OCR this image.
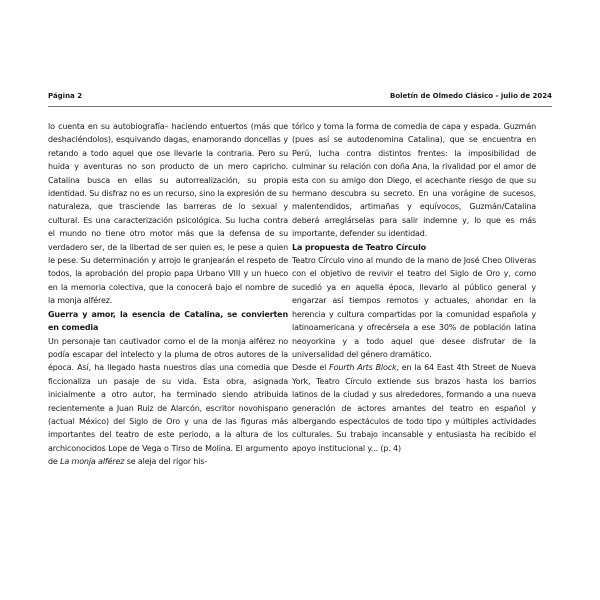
Página 2	Boletín de Olmedo Clásico - julio de 2024

lo cuenta en su autobiografía– haciendo entuertos (más que deshaciéndolos), esquivando dagas, enamorando doncellas y retando a todo aquel que ose llevarle la contraria. Pero su huida y aventuras no son producto de un mero capricho. Catalina busca en ellas su autorrealización, su propia identidad. Su disfraz no es un recurso, sino la expresión de su naturaleza, que trasciende las barreras de lo sexual y cultural. Es una caracterización psicológica. Su lucha contra el mundo no tiene otro motor más que la defensa de su verdadero ser, de la libertad de ser quien es, le pese a quien le pese. Su determinación y arrojo le granjearán el respeto de todos, la aprobación del propio papa Urbano VIII y un hueco en la memoria colectiva, que la conocerá bajo el nombre de la monja alférez.

Guerra y amor, la esencia de Catalina, se convierten en comedia

Un personaje tan cautivador como el de la monja alférez no podía escapar del intelecto y la pluma de otros autores de la época. Así, ha llegado hasta nuestros días una comedia que ficcionaliza un pasaje de su vida. Esta obra, asignada inicialmente a otro autor, ha terminado siendo atribuida recientemente a Juan Ruiz de Alarcón, escritor novohispano (actual México) del Siglo de Oro y una de las figuras más importantes del teatro de este periodo, a la altura de los archiconocidos Lope de Vega o Tirso de Molina. El argumento de La monja alférez se aleja del rigor his-

tórico y toma la forma de comedia de capa y espada. Guzmán (pues así se autodenomina Catalina), que se encuentra en Perú, lucha contra distintos frentes: la imposibilidad de culminar su relación con doña Ana, la rivalidad por el amor de esta con su amigo don Diego, el acechante riesgo de que su hermano descubra su secreto. En una vorágine de sucesos, malentendidos, artimañas y equívocos, Guzmán/Catalina deberá arreglárselas para salir indemne y, lo que es más importante, defender su identidad.

La propuesta de Teatro Círculo

Teatro Círculo vino al mundo de la mano de José Cheo Oliveras con el objetivo de revivir el teatro del Siglo de Oro y, como sucedió ya en aquella época, llevarlo al público general y engarzar así tiempos remotos y actuales, ahondar en la herencia y cultura compartidas por la comunidad española y latinoamericana y ofrecérsela a ese 30% de población latina neoyorkina y a todo aquel que desee disfrutar de la universalidad del género dramático.

Desde el Fourth Arts Block, en la 64 East 4th Street de Nueva York, Teatro Círculo extiende sus brazos hasta los barrios latinos de la ciudad y sus alrededores, formando a una nueva generación de actores amantes del teatro en español y albergando espectáculos de todo tipo y múltiples actividades culturales. Su trabajo incansable y entusiasta ha recibido el apoyo institucional y... (p. 4)
